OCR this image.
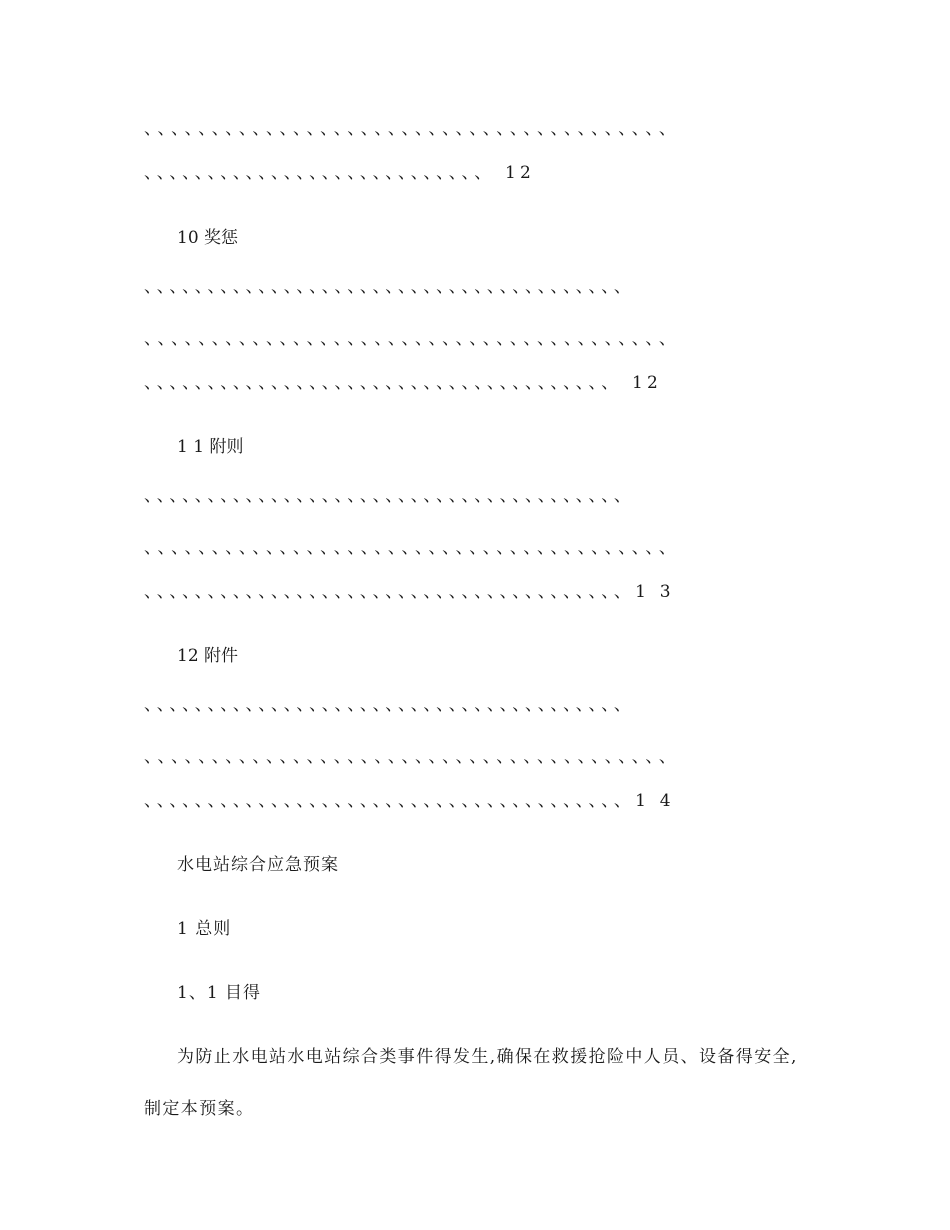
、、、、、、、、、、、、、、、、、、、、、、、、、、、、、、、、、、、、、、、
、、、、、、、、、、、、、、、、、、、、、、、、、、、 12
10 奖惩
、、、、、、、、、、、、、、、、、、、、、、、、、、、、、、、、、、、、、、
、、、、、、、、、、、、、、、、、、、、、、、、、、、、、、、、、、、、、、、
、、、、、、、、、、、、、、、、、、、、、、、、、、、、、、、、、、、、、 12
1 1 附则
、、、、、、、、、、、、、、、、、、、、、、、、、、、、、、、、、、、、、、
、、、、、、、、、、、、、、、、、、、、、、、、、、、、、、、、、、、、、、、
、、、、、、、、、、、、、、、、、、、、、、、、、、、、、、、、、、、、、、1 3
12 附件
、、、、、、、、、、、、、、、、、、、、、、、、、、、、、、、、、、、、、、
、、、、、、、、、、、、、、、、、、、、、、、、、、、、、、、、、、、、、、、
、、、、、、、、、、、、、、、、、、、、、、、、、、、、、、、、、、、、、、1 4
水电站综合应急预案
1 总则
1、1 目得
为防止水电站水电站综合类事件得发生,确保在救援抢险中人员、设备得安全,
制定本预案。
